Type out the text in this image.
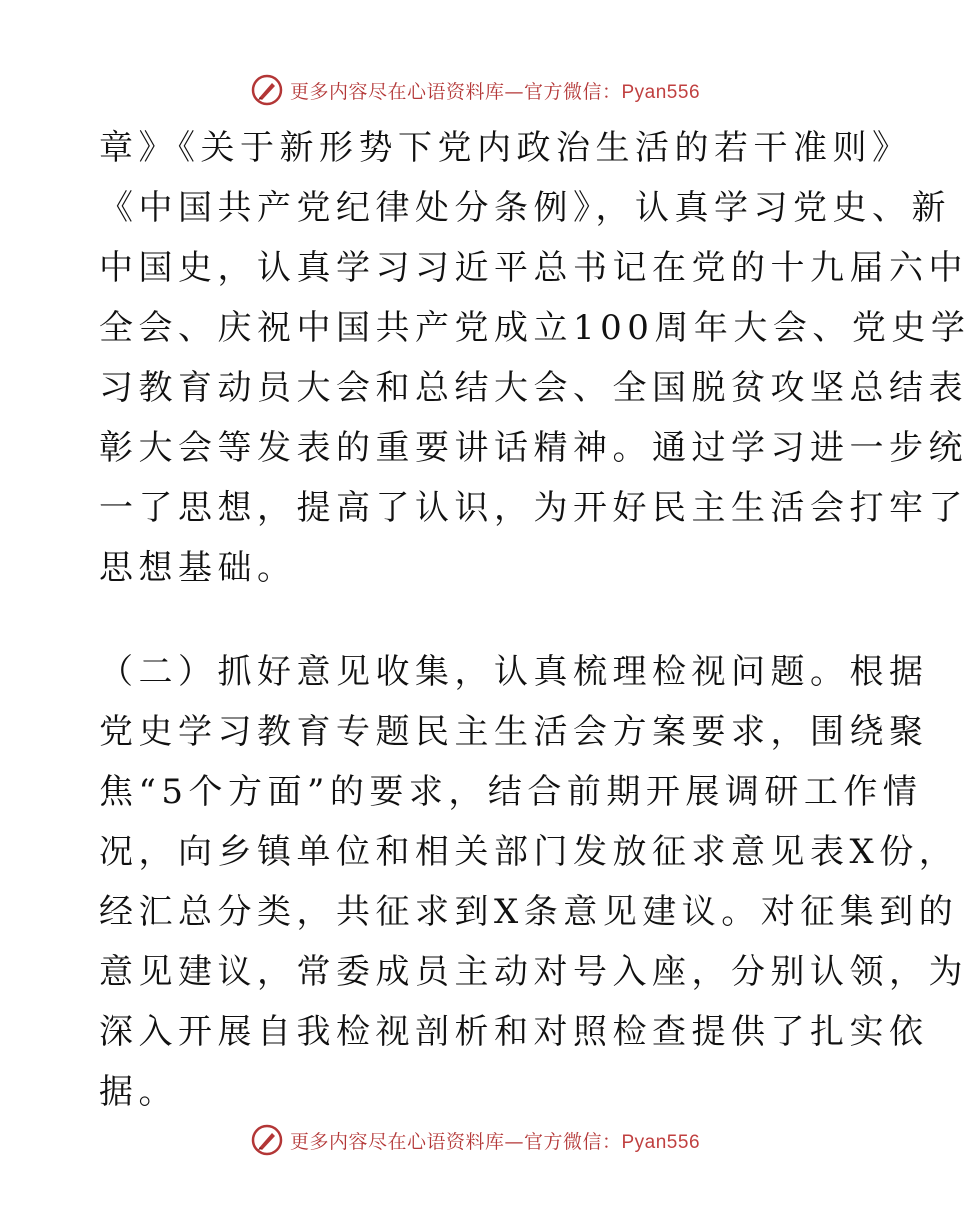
更多内容尽在心语资料库—官方微信：Pyan556
章》《关于新形势下党内政治生活的若干准则》
《中国共产党纪律处分条例》，认真学习党史、新
中国史，认真学习习近平总书记在党的十九届六中
全会、庆祝中国共产党成立100周年大会、党史学
习教育动员大会和总结大会、全国脱贫攻坚总结表
彰大会等发表的重要讲话精神。通过学习进一步统
一了思想，提高了认识，为开好民主生活会打牢了
思想基础。
（二）抓好意见收集，认真梳理检视问题。根据
党史学习教育专题民主生活会方案要求，围绕聚
焦“5个方面”的要求，结合前期开展调研工作情
况，向乡镇单位和相关部门发放征求意见表X份，
经汇总分类，共征求到X条意见建议。对征集到的
意见建议，常委成员主动对号入座，分别认领，为
深入开展自我检视剖析和对照检查提供了扎实依
据。
更多内容尽在心语资料库—官方微信：Pyan556
